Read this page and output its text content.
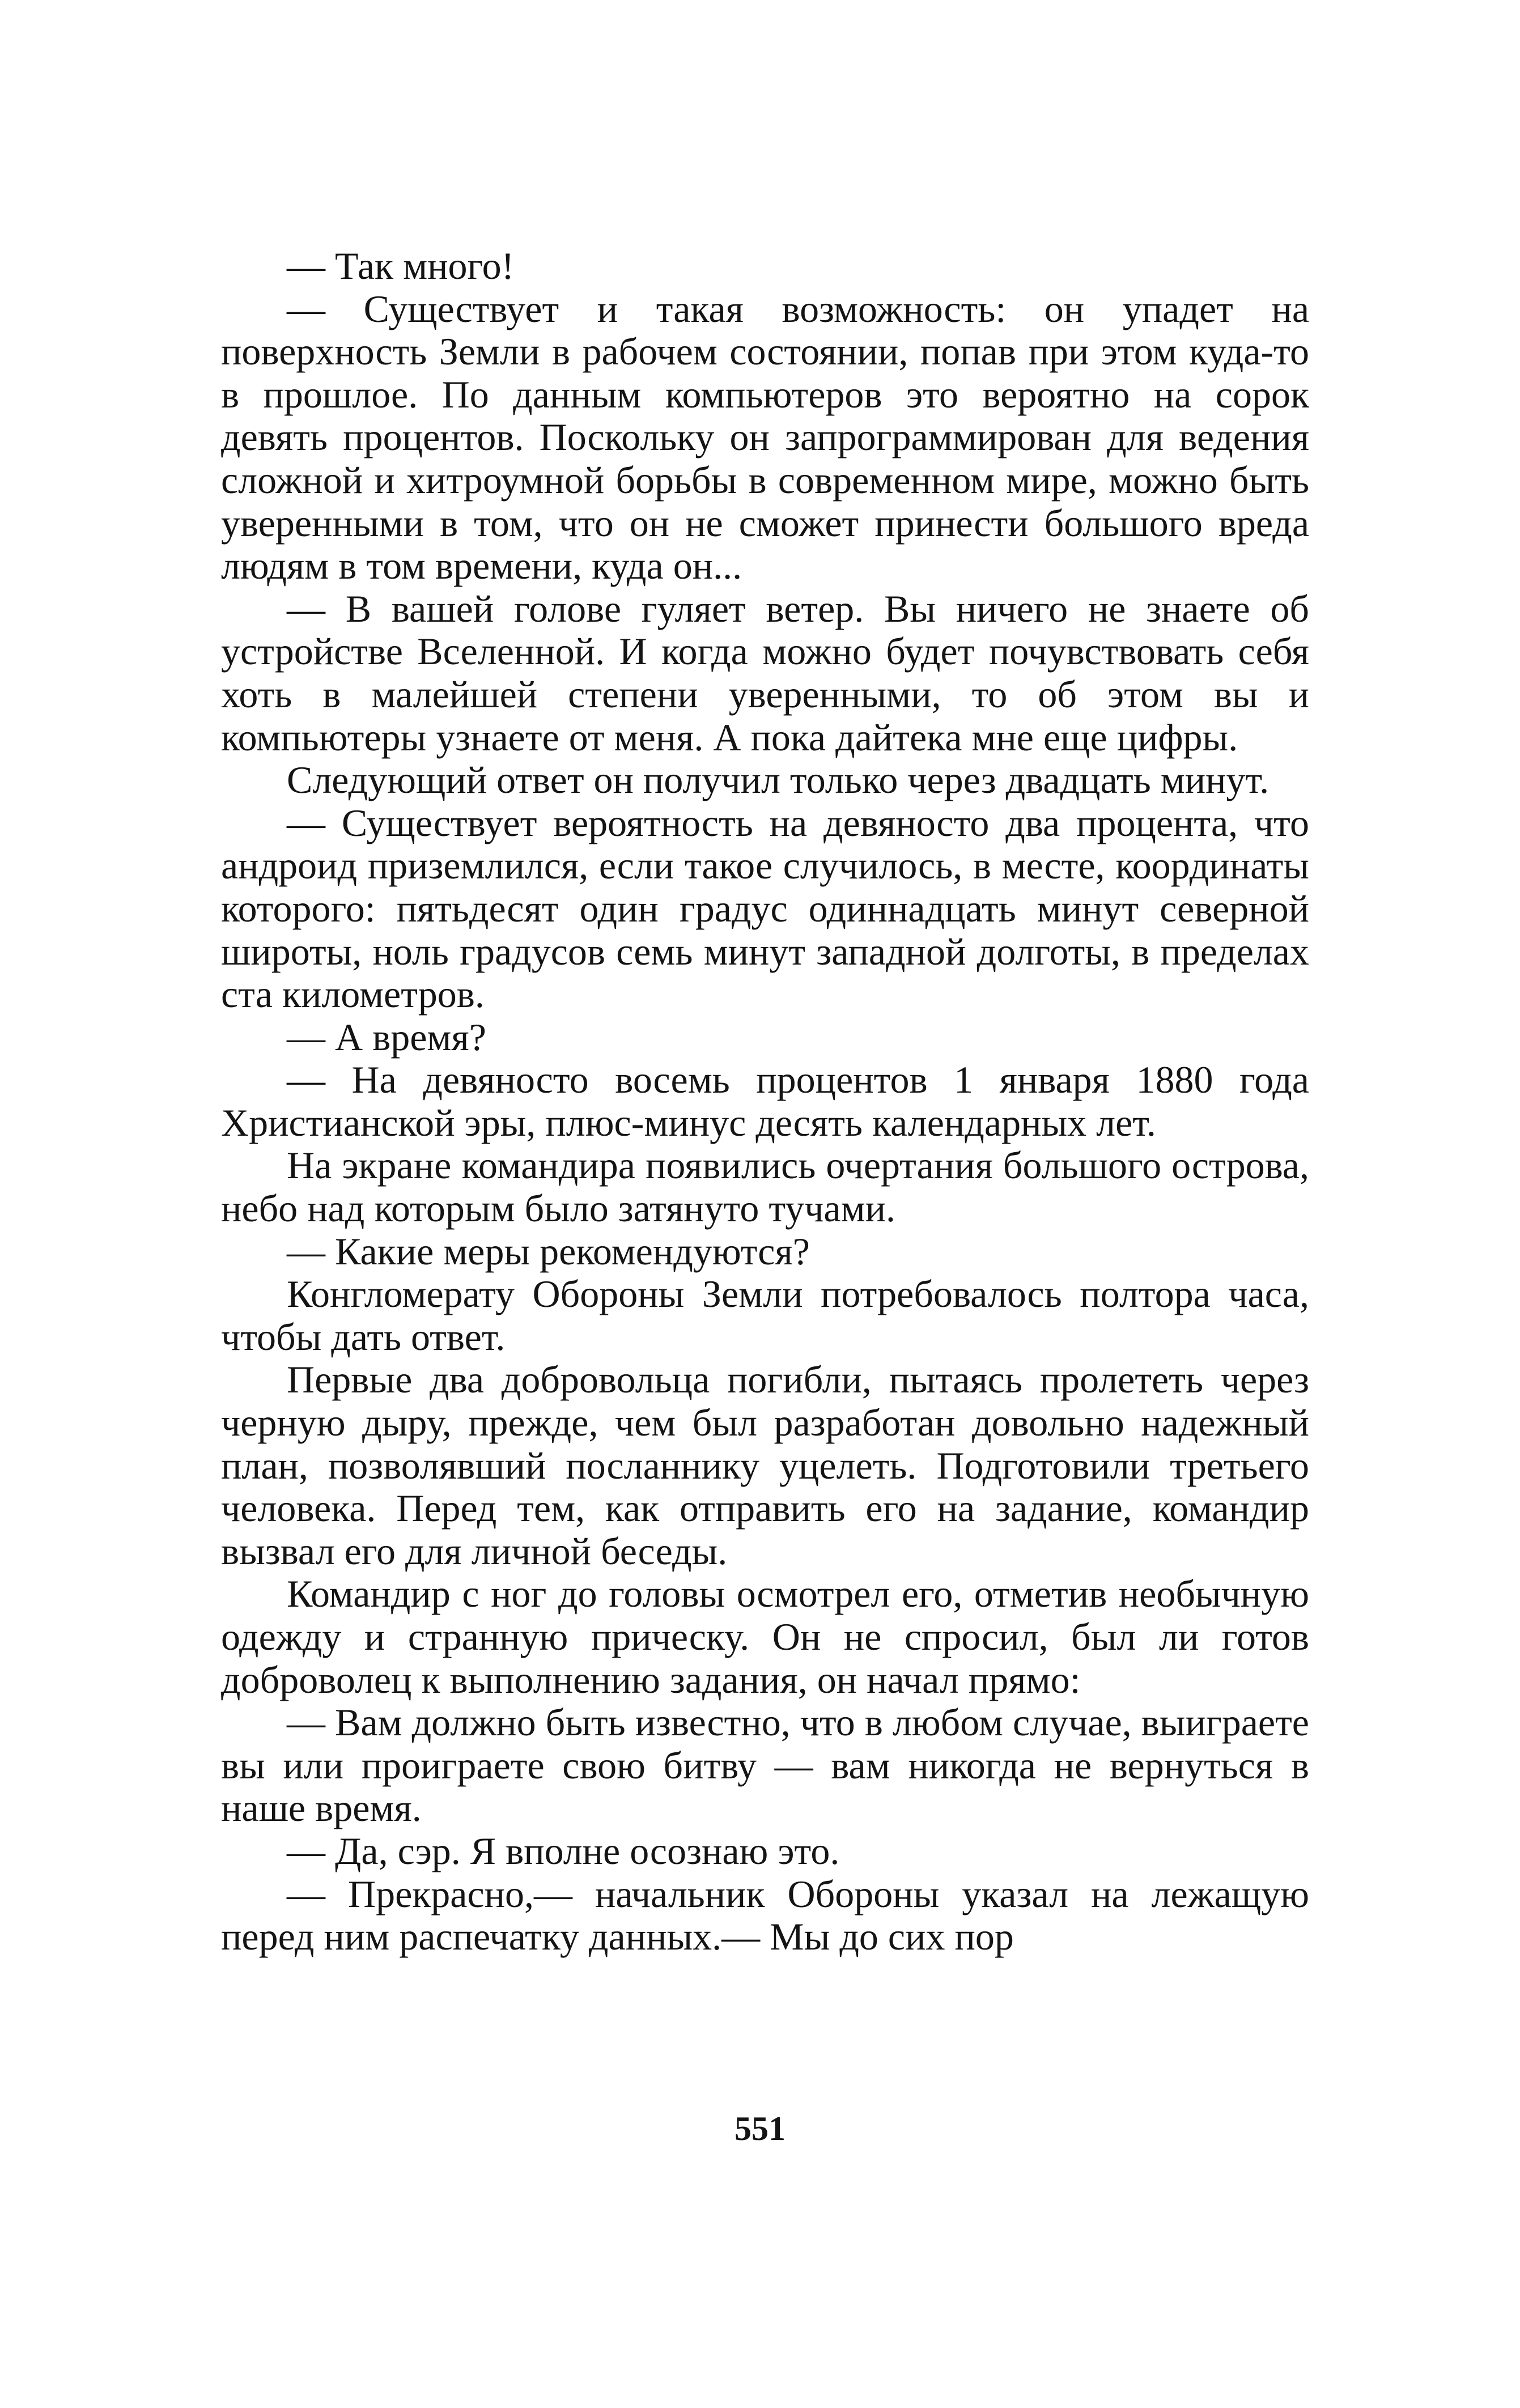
— Так много!

— Существует и такая возможность: он упадет на поверхность Земли в рабочем состоянии, попав при этом куда-то в прошлое. По данным компьютеров это вероятно на сорок девять процентов. Поскольку он запрограммирован для ведения сложной и хитроумной борьбы в современном мире, можно быть уверенными в том, что он не сможет принести большого вреда людям в том времени, куда он...

— В вашей голове гуляет ветер. Вы ничего не знаете об устройстве Вселенной. И когда можно будет почувствовать себя хоть в малейшей степени уверенными, то об этом вы и компьютеры узнаете от меня. А пока дайтека мне еще цифры.

Следующий ответ он получил только через двадцать минут.

— Существует вероятность на девяносто два процента, что андроид приземлился, если такое случилось, в месте, координаты которого: пятьдесят один градус одиннадцать минут северной широты, ноль градусов семь минут западной долготы, в пределах ста километров.

— А время?

— На девяносто восемь процентов 1 января 1880 года Христианской эры, плюс-минус десять календарных лет.

На экране командира появились очертания большого острова, небо над которым было затянуто тучами.

— Какие меры рекомендуются?

Конгломерату Обороны Земли потребовалось полтора часа, чтобы дать ответ.

Первые два добровольца погибли, пытаясь пролететь через черную дыру, прежде, чем был разработан довольно надежный план, позволявший посланнику уцелеть. Подготовили третьего человека. Перед тем, как отправить его на задание, командир вызвал его для личной беседы.

Командир с ног до головы осмотрел его, отметив необычную одежду и странную прическу. Он не спросил, был ли готов доброволец к выполнению задания, он начал прямо:

— Вам должно быть известно, что в любом случае, выиграете вы или проиграете свою битву — вам никогда не вернуться в наше время.

— Да, сэр. Я вполне осознаю это.

— Прекрасно,— начальник Обороны указал на лежащую перед ним распечатку данных.— Мы до сих пор

551
